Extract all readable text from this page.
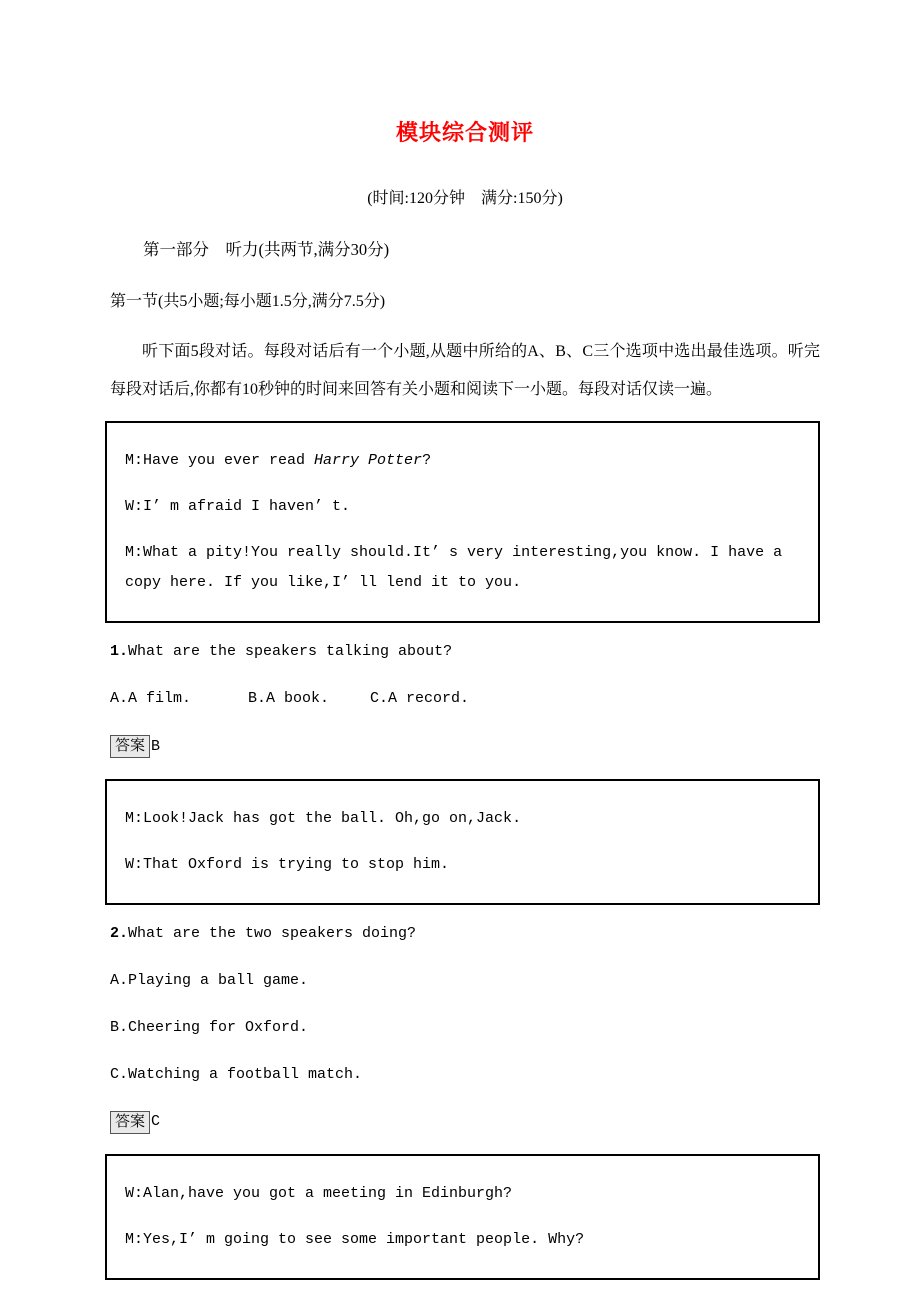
模块综合测评

(时间:120分钟　满分:150分)

第一部分　听力(共两节,满分30分)

第一节(共5小题;每小题1.5分,满分7.5分)

听下面5段对话。每段对话后有一个小题,从题中所给的A、B、C三个选项中选出最佳选项。听完每段对话后,你都有10秒钟的时间来回答有关小题和阅读下一小题。每段对话仅读一遍。

M:Have you ever read Harry Potter?

W:I’ m afraid I haven’ t.

M:What a pity!You really should.It’ s very interesting,you know. I have a copy here. If you like,I’ ll lend it to you.

1.What are the speakers talking about?

A.A film.	B.A book.	C.A record.

答案 B

M:Look!Jack has got the ball. Oh,go on,Jack.

W:That Oxford is trying to stop him.

2.What are the two speakers doing?

A.Playing a ball game.

B.Cheering for Oxford.

C.Watching a football match.

答案 C

W:Alan,have you got a meeting in Edinburgh?

M:Yes,I’ m going to see some important people. Why?
